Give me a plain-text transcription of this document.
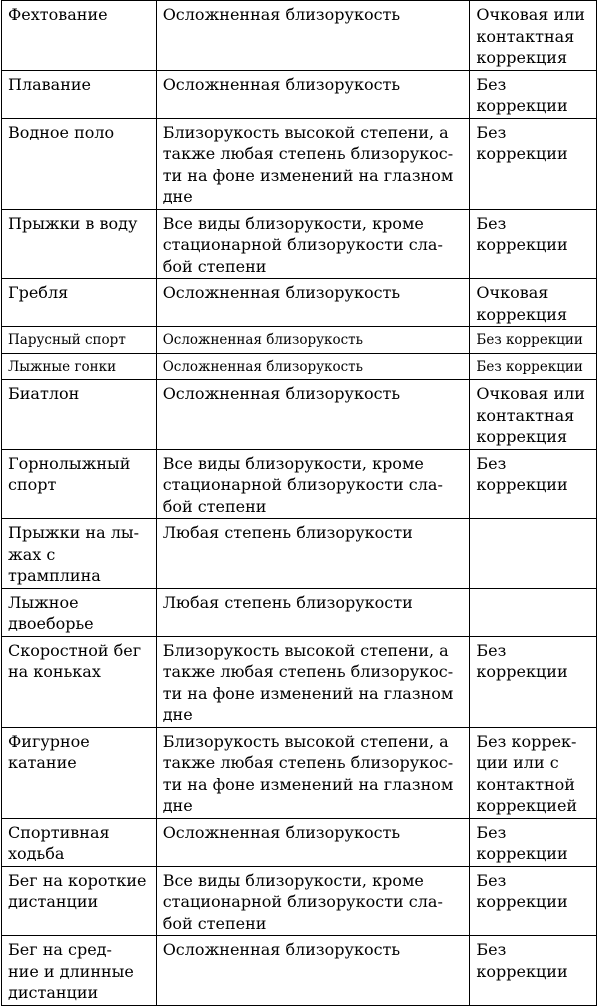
Фехтование	Осложненная близорукость	Очковая или
контактная
коррекция

Плавание	Осложненная близорукость	Без коррекции

Водное поло	Близорукость высокой степени, а
также любая степень близорукос-
ти на фоне изменений на глазном
дне	Без коррекции

Прыжки в воду	Все виды близорукости, кроме
стационарной близорукости сла-
бой степени	Без коррекции

Гребля	Осложненная близорукость	Очковая
коррекция

Парусный спорт	Осложненная близорукость	Без коррекции

Лыжные гонки	Осложненная близорукость	Без коррекции

Биатлон	Осложненная близорукость	Очковая или
контактная
коррекция

Горнолыжный
спорт	Все виды близорукости, кроме
стационарной близорукости сла-
бой степени	Без коррекции

Прыжки на лы-
жах с трамплина	Любая степень близорукости	

Лыжное
двоеборье	Любая степень близорукости	

Скоростной бег
на коньках	Близорукость высокой степени, а
также любая степень близорукос-
ти на фоне изменений на глазном
дне	Без коррекции

Фигурное
катание	Близорукость высокой степени, а
также любая степень близорукос-
ти на фоне изменений на глазном
дне	Без коррек-
ции или с
контактной
коррекцией

Спортивная
ходьба	Осложненная близорукость	Без коррекции

Бег на короткие
дистанции	Все виды близорукости, кроме
стационарной близорукости сла-
бой степени	Без коррекции

Бег на сред-
ние и длинные
дистанции	Осложненная близорукость	Без коррекции
